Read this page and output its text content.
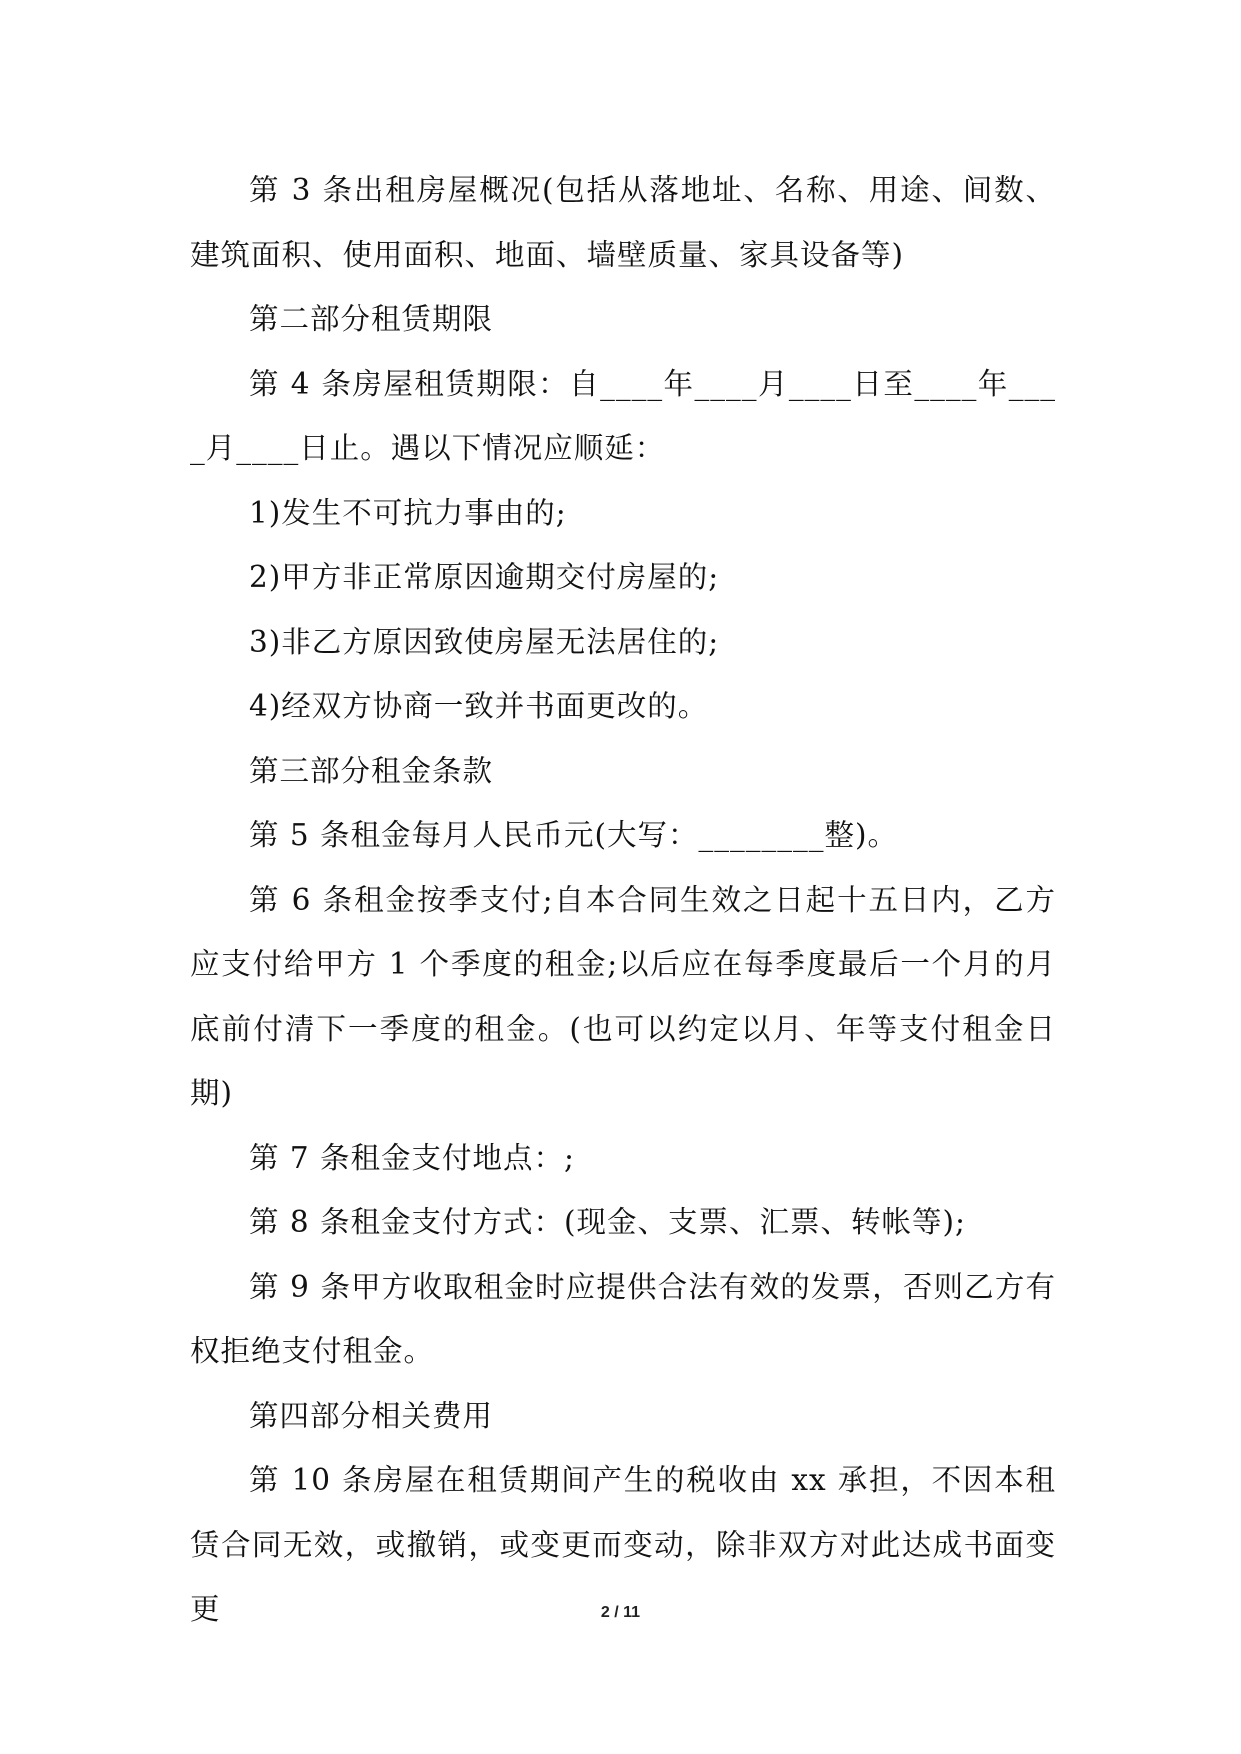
第 3 条出租房屋概况(包括从落地址、名称、用途、间数、建筑面积、使用面积、地面、墙壁质量、家具设备等)

第二部分租赁期限

第 4 条房屋租赁期限：自____年____月____日至____年____月____日止。遇以下情况应顺延：

1)发生不可抗力事由的;

2)甲方非正常原因逾期交付房屋的;

3)非乙方原因致使房屋无法居住的;

4)经双方协商一致并书面更改的。

第三部分租金条款

第 5 条租金每月人民币元(大写：________整)。

第 6 条租金按季支付;自本合同生效之日起十五日内，乙方应支付给甲方 1 个季度的租金;以后应在每季度最后一个月的月底前付清下一季度的租金。(也可以约定以月、年等支付租金日期)

第 7 条租金支付地点：;

第 8 条租金支付方式：(现金、支票、汇票、转帐等);

第 9 条甲方收取租金时应提供合法有效的发票，否则乙方有权拒绝支付租金。

第四部分相关费用

第 10 条房屋在租赁期间产生的税收由 xx 承担，不因本租赁合同无效，或撤销，或变更而变动，除非双方对此达成书面变更	2 / 11
